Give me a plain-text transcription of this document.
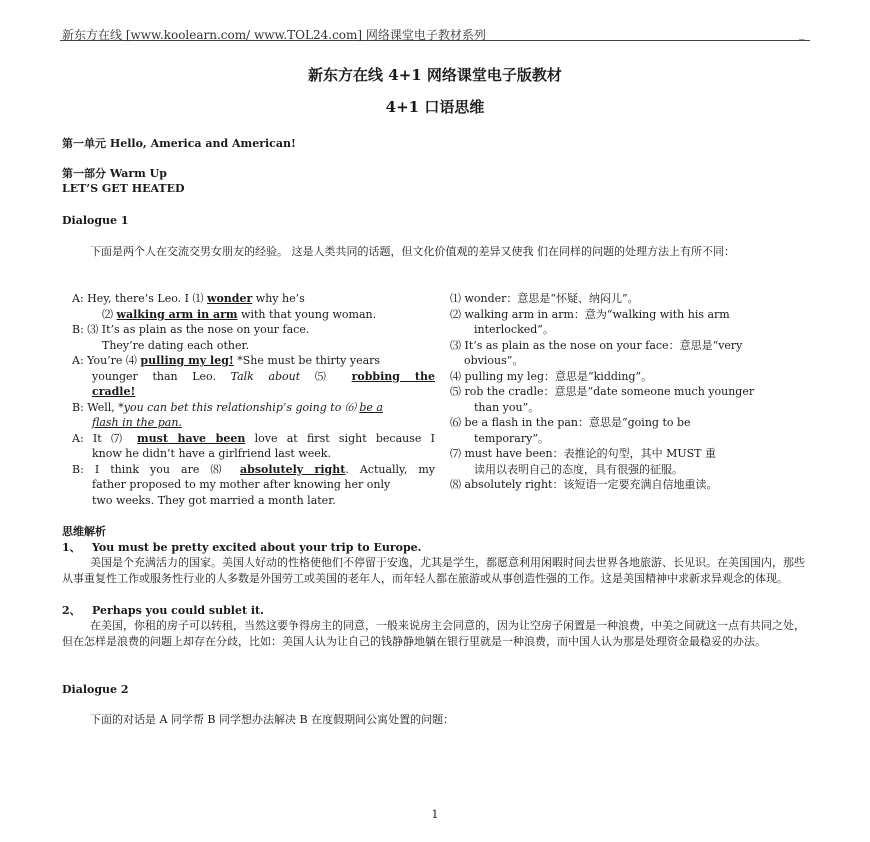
新东方在线 [www.koolearn.com/ www.TOL24.com] 网络课堂电子教材系列	_
新东方在线 4+1 网络课堂电子版教材
4+1 口语思维
第一单元 Hello, America and American!
第一部分 Warm Up
LET’S GET HEATED
Dialogue 1
下面是两个人在交流交男女朋友的经验。 这是人类共同的话题，但文化价值观的差异又使我 们在同样的问题的处理方法上有所不同：
A: Hey, there’s Leo. I ⑴ wonder why he’s
⑵ walking arm in arm with that young woman.
B: ⑶ It’s as plain as the nose on your face.
They’re dating each other.
A: You’re ⑷ pulling my leg! *She must be thirty years
younger than Leo. Talk about ⑸ robbing the
cradle!
B: Well, *you can bet this relationship’s going to ⑹ be a
flash in the pan.
A: It ⑺ must have been love at first sight because I
know he didn’t have a girlfriend last week.
B: I think you are ⑻ absolutely right. Actually, my
father proposed to my mother after knowing her only
two weeks. They got married a month later.
⑴ wonder：意思是“怀疑、纳闷儿”。
⑵ walking arm in arm：意为“walking with his arm
interlocked”。
⑶ It’s as plain as the nose on your face：意思是“very
obvious”。
⑷ pulling my leg：意思是“kidding”。
⑸ rob the cradle：意思是“date someone much younger
than you”。
⑹ be a flash in the pan：意思是“going to be
temporary”。
⑺ must have been：表推论的句型，其中 MUST 重
读用以表明自己的态度，具有很强的征服。
⑻ absolutely right：该短语一定要充满自信地重读。
思维解析
1、 You must be pretty excited about your trip to Europe.
美国是个充满活力的国家。美国人好动的性格使他们不停留于安逸，尤其是学生，都愿意利用闲暇时间去世界各地旅游、长见识。在美国国内，那些从事重复性工作或服务性行业的人多数是外国劳工或美国的老年人，而年轻人都在旅游或从事创造性强的工作。这是美国精神中求新求异观念的体现。
2、 Perhaps you could sublet it.
在美国，你租的房子可以转租，当然这要争得房主的同意，一般来说房主会同意的，因为让空房子闲置是一种浪费，中美之间就这一点有共同之处，但在怎样是浪费的问题上却存在分歧，比如：美国人认为让自己的钱静静地躺在银行里就是一种浪费，而中国人认为那是处理资金最稳妥的办法。
Dialogue 2
下面的对话是 A 同学帮 B 同学想办法解决 B 在度假期间公寓处置的问题：
1
